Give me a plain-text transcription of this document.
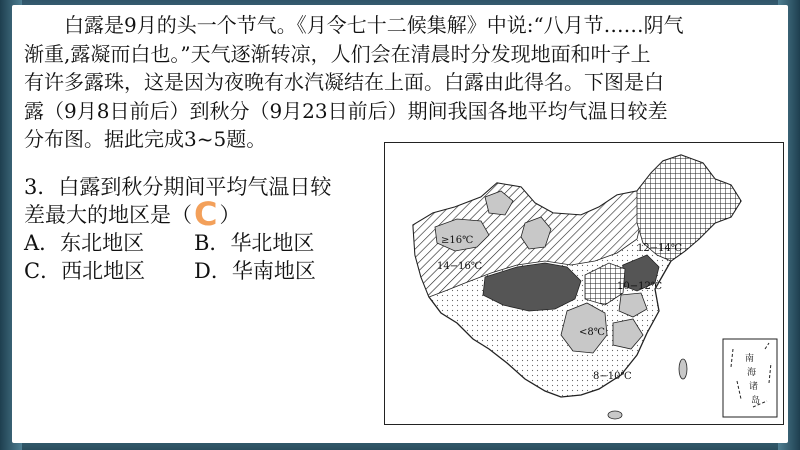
　　白露是9月的头一个节气。《月令七十二候集解》中说:“八月节……阴气

渐重,露凝而白也。”天气逐渐转凉，人们会在清晨时分发现地面和叶子上

有许多露珠，这是因为夜晚有水汽凝结在上面。白露由此得名。下图是白

露（9月8日前后）到秋分（9月23日前后）期间我国各地平均气温日较差

分布图。据此完成3~5题。

3．白露到秋分期间平均气温日较
差最大的地区是（C）
A．东北地区 B．华北地区
C．西北地区 D．华南地区
南
海
诸
岛
≥16℃
14−16℃
12−14℃
10−12℃
<8℃
8−10℃
